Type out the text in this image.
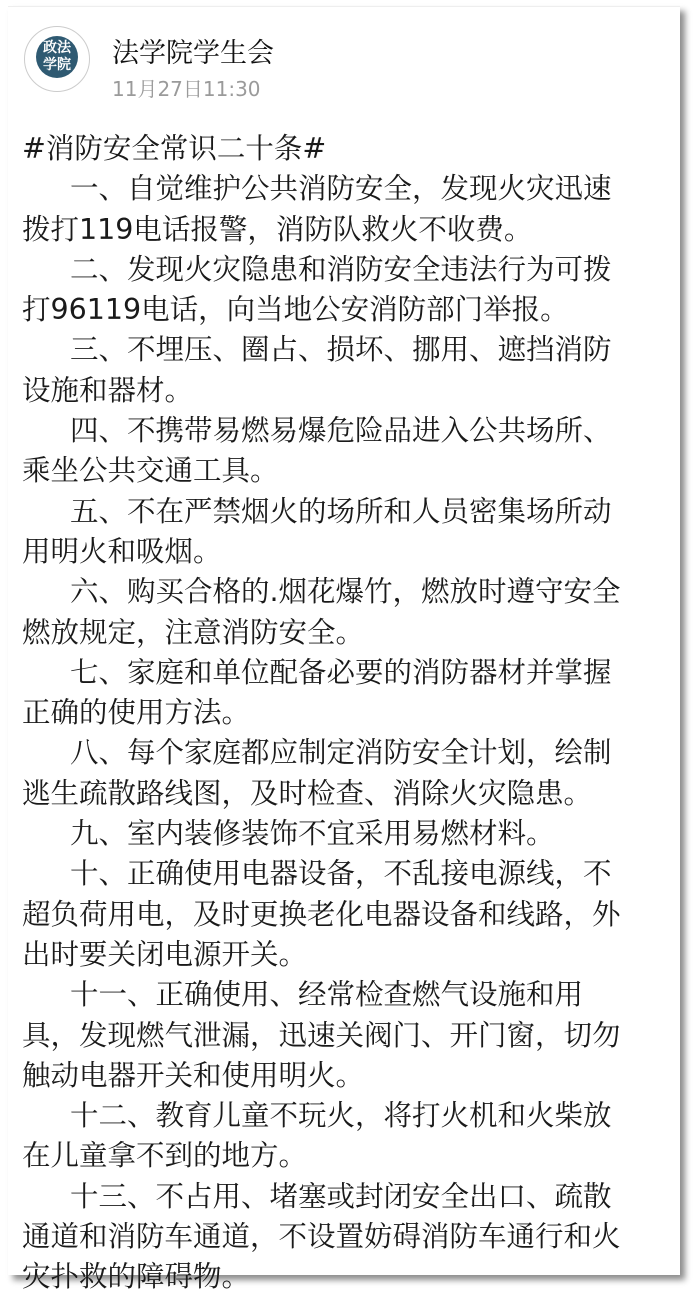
政法
学院 法学院学生会
11月27日11:30
#消防安全常识二十条#
一、自觉维护公共消防安全，发现火灾迅速
拨打119电话报警，消防队救火不收费。
二、发现火灾隐患和消防安全违法行为可拨
打96119电话，向当地公安消防部门举报。
三、不埋压、圈占、损坏、挪用、遮挡消防
设施和器材。
四、不携带易燃易爆危险品进入公共场所、
乘坐公共交通工具。
五、不在严禁烟火的场所和人员密集场所动
用明火和吸烟。
六、购买合格的.烟花爆竹，燃放时遵守安全
燃放规定，注意消防安全。
七、家庭和单位配备必要的消防器材并掌握
正确的使用方法。
八、每个家庭都应制定消防安全计划，绘制
逃生疏散路线图，及时检查、消除火灾隐患。
九、室内装修装饰不宜采用易燃材料。
十、正确使用电器设备，不乱接电源线，不
超负荷用电，及时更换老化电器设备和线路，外
出时要关闭电源开关。
十一、正确使用、经常检查燃气设施和用
具，发现燃气泄漏，迅速关阀门、开门窗，切勿
触动电器开关和使用明火。
十二、教育儿童不玩火，将打火机和火柴放
在儿童拿不到的地方。
十三、不占用、堵塞或封闭安全出口、疏散
通道和消防车通道，不设置妨碍消防车通行和火
灾扑救的障碍物。
